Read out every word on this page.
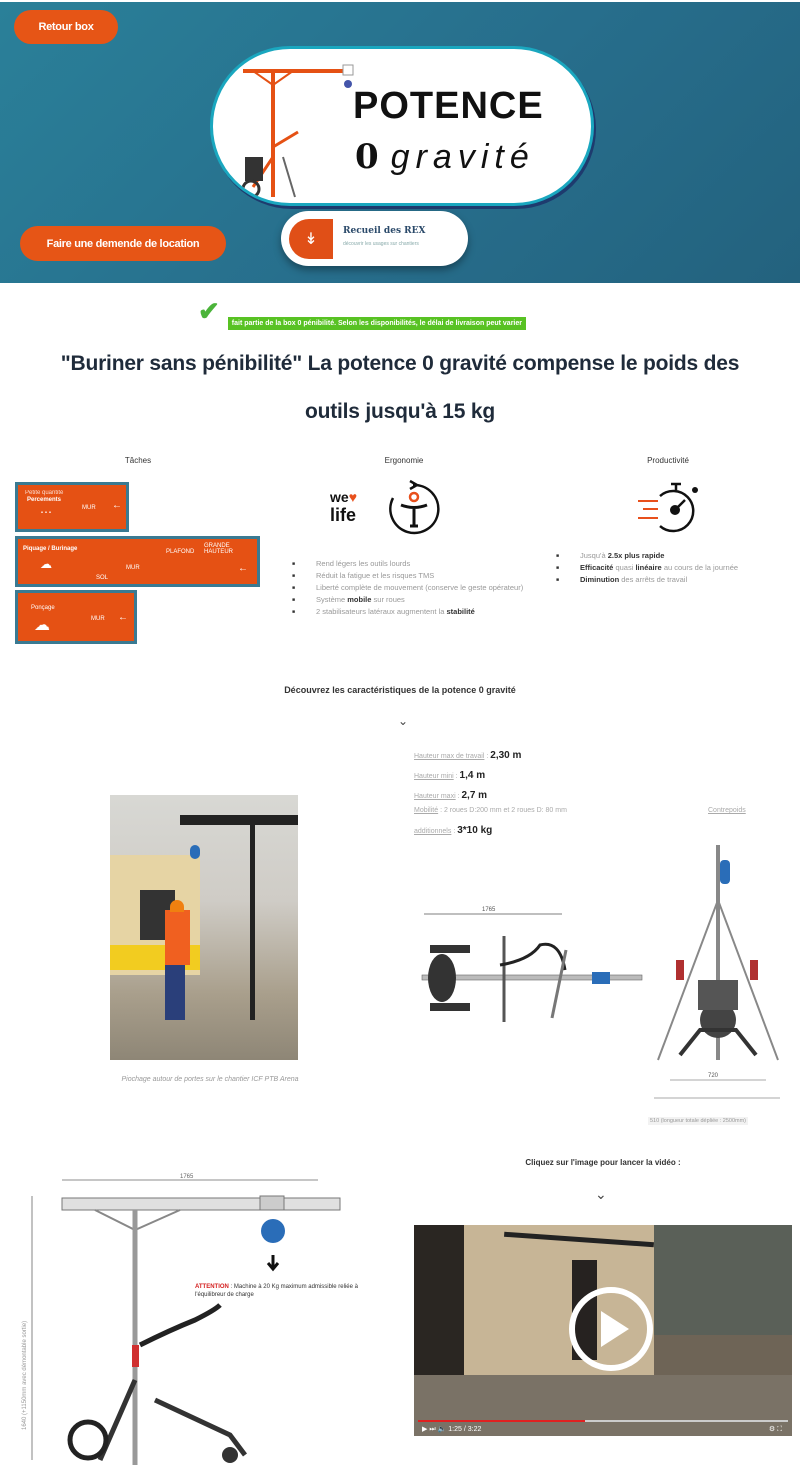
Retour box
POTENCE
0 gravité
Faire une demende de location	↡	Recueil des REX
découvrir les usages sur chantiers
✔	fait partie de la box 0 pénibilité. Selon les disponibilités, le délai de livraison peut varier
"Buriner sans pénibilité" La potence 0 gravité compense le poids des
outils jusqu'à 15 kg
Tâches
Petite quantité
Percements
⋯	MUR ←
Piquage / Burinage
☁
SOL
MUR
PLAFOND
GRANDE HAUTEUR
←
Ponçage
☁	MUR ←
Ergonomie
we♥
life
■ Rend légers les outils lourds
■ Réduit la fatigue et les risques TMS
■ Liberté complète de mouvement (conserve le geste opérateur)
■ Système mobile sur roues
■ 2 stabilisateurs latéraux augmentent la stabilité
Productivité
■ Jusqu'à 2.5x plus rapide
■ Efficacité quasi linéaire au cours de la journée
■ Diminution des arrêts de travail
Découvrez les caractéristiques de la potence 0 gravité
⌄
Piochage autour de portes sur le chantier ICF PTB Arena
Hauteur max de travail : 2,30 m
Hauteur mini : 1,4 m
Hauteur maxi : 2,7 m
Mobilité : 2 roues D:200 mm et 2 roues D: 80 mm	Contrepoids
additionnels : 3*10 kg
1765
720
510 (longueur totale dépliée : 2500mm)
1765
1640 (+1150mm avec démontable sortie)
ATTENTION : Machine à 20 Kg maximum admissible reliée à l'équilibreur de charge
Cliquez sur l'image pour lancer la vidéo :
⌄
▶ ⏭ 🔈 1:25 / 3:22	⚙ ⛶
